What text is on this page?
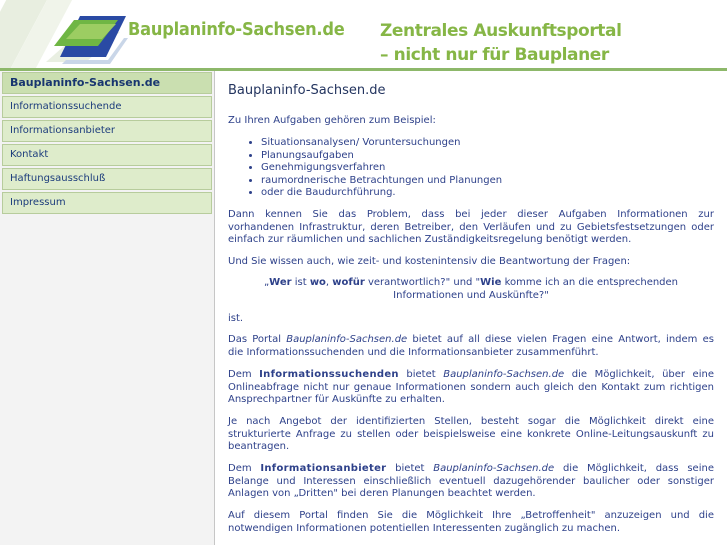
Bauplaninfo-Sachsen.de Zentrales Auskunftsportal
– nicht nur für Bauplaner
Bauplaninfo-Sachsen.de
Informationssuchende
Informationsanbieter
Kontakt
Haftungsausschluß
Impressum
Bauplaninfo-Sachsen.de

Zu Ihren Aufgaben gehören zum Beispiel:

• Situationsanalysen/ Voruntersuchungen
• Planungsaufgaben
• Genehmigungsverfahren
• raumordnerische Betrachtungen und Planungen
• oder die Baudurchführung.
Dann kennen Sie das Problem, dass bei jeder dieser Aufgaben Informationen zur
vorhandenen Infrastruktur, deren Betreiber, den Verläufen und zu Gebietsfestsetzungen oder
einfach zur räumlichen und sachlichen Zuständigkeitsregelung benötigt werden.

Und Sie wissen auch, wie zeit- und kostenintensiv die Beantwortung der Fragen:

„Wer ist wo, wofür verantwortlich?" und "Wie komme ich an die entsprechenden
Informationen und Auskünfte?"

ist.

Das Portal Bauplaninfo-Sachsen.de bietet auf all diese vielen Fragen eine Antwort, indem es
die Informationssuchenden und die Informationsanbieter zusammenführt.
Dem Informationssuchenden bietet Bauplaninfo-Sachsen.de die Möglichkeit, über eine
Onlineabfrage nicht nur genaue Informationen sondern auch gleich den Kontakt zum richtigen
Ansprechpartner für Auskünfte zu erhalten.
Je nach Angebot der identifizierten Stellen, besteht sogar die Möglichkeit direkt eine
strukturierte Anfrage zu stellen oder beispielsweise eine konkrete Online-Leitungsauskunft zu
beantragen.
Dem Informationsanbieter bietet Bauplaninfo-Sachsen.de die Möglichkeit, dass seine
Belange und Interessen einschließlich eventuell dazugehörender baulicher oder sonstiger
Anlagen von „Dritten" bei deren Planungen beachtet werden.
Auf diesem Portal finden Sie die Möglichkeit Ihre „Betroffenheit" anzuzeigen und die
notwendigen Informationen potentiellen Interessenten zugänglich zu machen.
